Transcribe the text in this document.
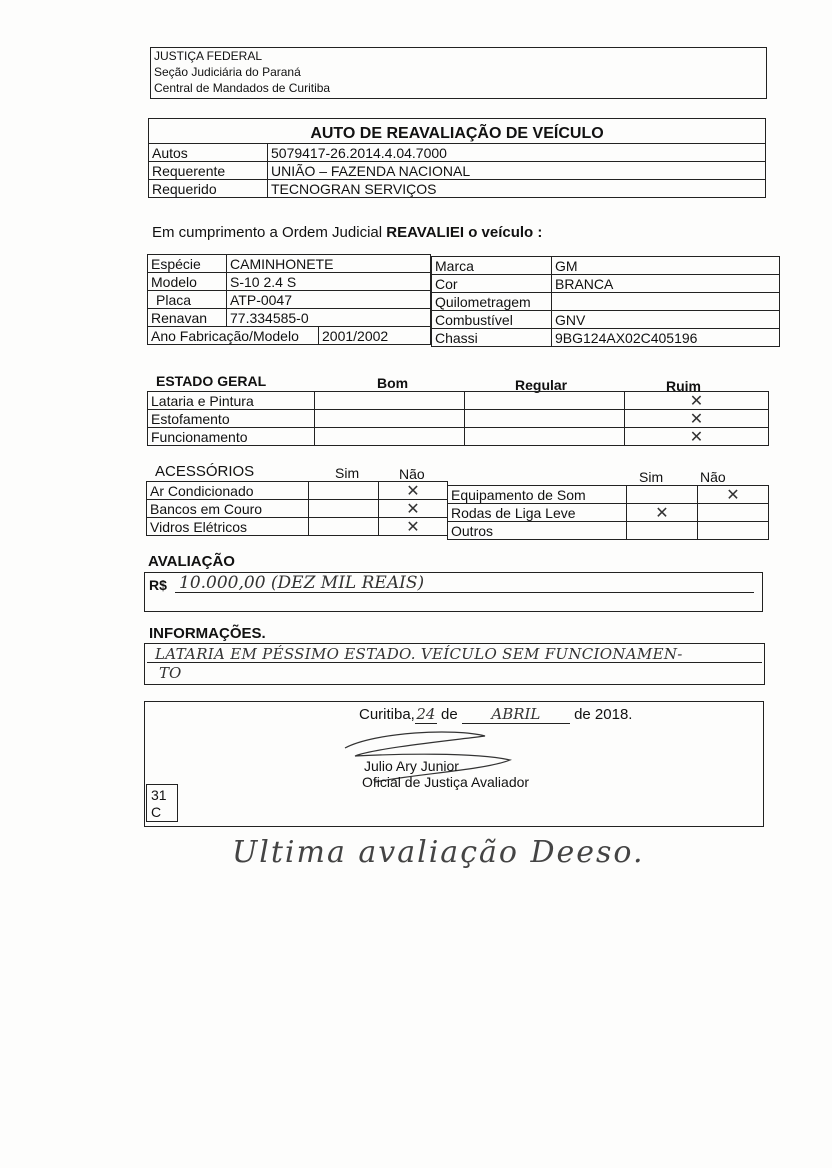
JUSTIÇA FEDERAL
Seção Judiciária do Paraná
Central de Mandados de Curitiba
AUTO DE REAVALIAÇÃO DE VEÍCULO
Autos	5079417-26.2014.4.04.7000
Requerente	UNIÃO – FAZENDA NACIONAL
Requerido	TECNOGRAN SERVIÇOS
Em cumprimento a Ordem Judicial REAVALIEI o veículo :
Espécie	CAMINHONETE	
Modelo	S-10 2.4 S	
Placa	ATP-0047	
Renavan	77.334585-0	
Ano Fabricação/Modelo		2001/2002
Marca	GM
Cor	BRANCA
Quilometragem	
Combustível	GNV
Chassi	9BG124AX02C405196
ESTADO GERAL	Bom	Regular	Ruim
Lataria e Pintura			✕
Estofamento			✕
Funcionamento			✕
ACESSÓRIOS	Sim	Não	Sim	Não
Ar Condicionado		✕
Bancos em Couro		✕
Vidros Elétricos		✕
Equipamento de Som		✕
Rodas de Liga Leve	✕	
Outros		
AVALIAÇÃO
R$ 10.000,00 (DEZ MIL REAIS)
INFORMAÇÕES.
LATARIA EM PÉSSIMO ESTADO. VEÍCULO SEM FUNCIONAMEN-
TO
Curitiba,24 de ABRIL de 2018.
Julio Ary Junior
Oficial de Justiça Avaliador
31
C
Ultima avaliação Deeso.
